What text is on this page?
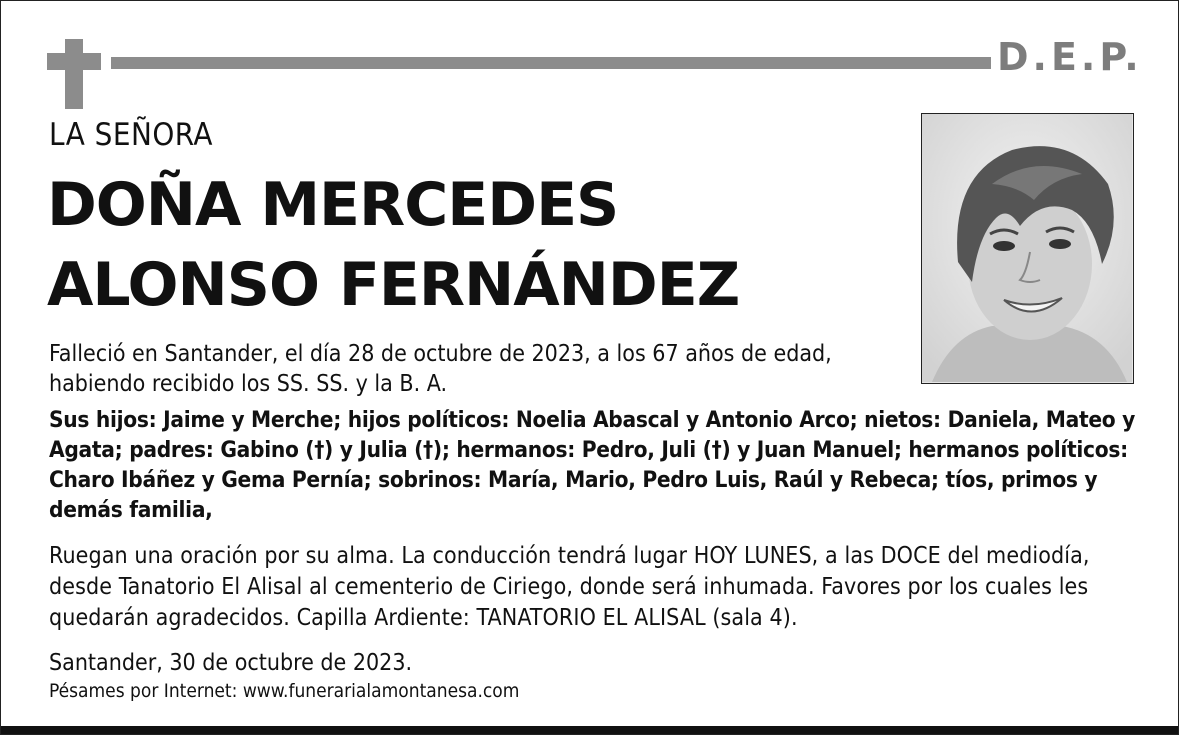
D.E.P.
LA SEÑORA
DOÑA MERCEDES
ALONSO FERNÁNDEZ
Falleció en Santander, el día 28 de octubre de 2023, a los 67 años de edad, habiendo recibido los SS. SS. y la B. A.
Sus hijos: Jaime y Merche; hijos políticos: Noelia Abascal y Antonio Arco; nietos: Daniela, Mateo y Agata; padres: Gabino (†) y Julia (†); hermanos: Pedro, Juli (†) y Juan Manuel; hermanos políticos: Charo Ibáñez y Gema Pernía; sobrinos: María, Mario, Pedro Luis, Raúl y Rebeca; tíos, primos y demás familia,
Ruegan una oración por su alma. La conducción tendrá lugar HOY LUNES, a las DOCE del mediodía, desde Tanatorio El Alisal al cementerio de Ciriego, donde será inhumada. Favores por los cuales les quedarán agradecidos. Capilla Ardiente: TANATORIO EL ALISAL (sala 4).
Santander, 30 de octubre de 2023.
Pésames por Internet: www.funerarialamontanesa.com
